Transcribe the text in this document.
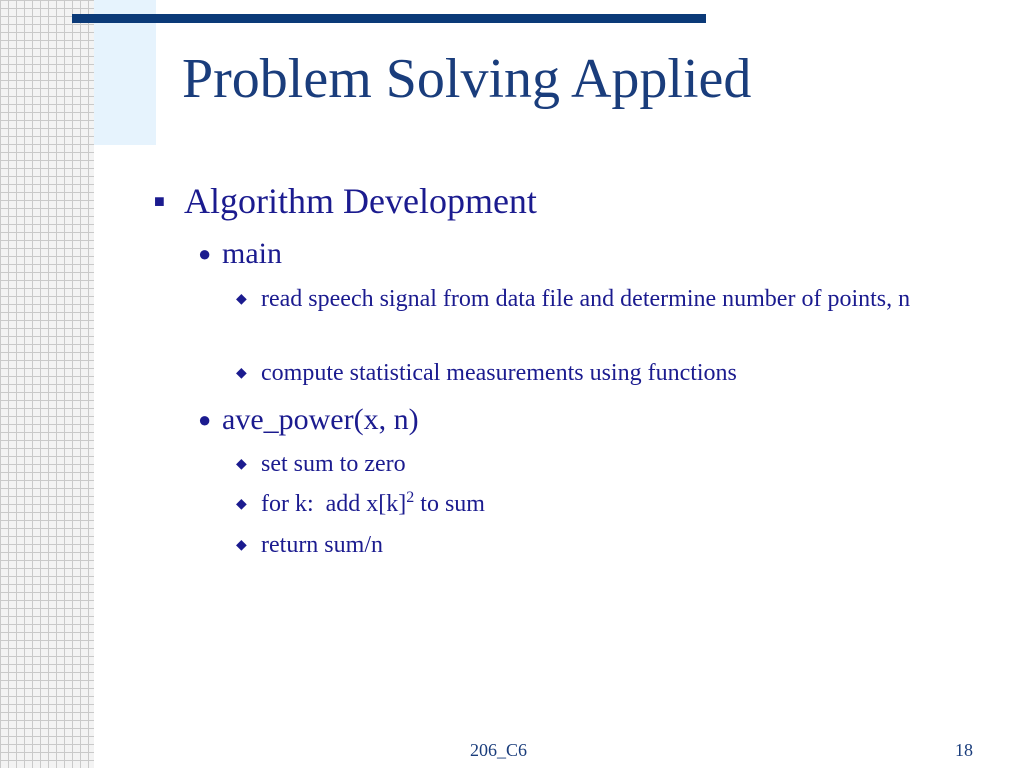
Problem Solving Applied
■ Algorithm Development
● main
◆ read speech signal from data file and determine number of points, n
◆ compute statistical measurements using functions
● ave_power(x, n)
◆ set sum to zero
◆ for k:  add $x[k]^2$ to sum
◆ return sum/n
206_C6	18
